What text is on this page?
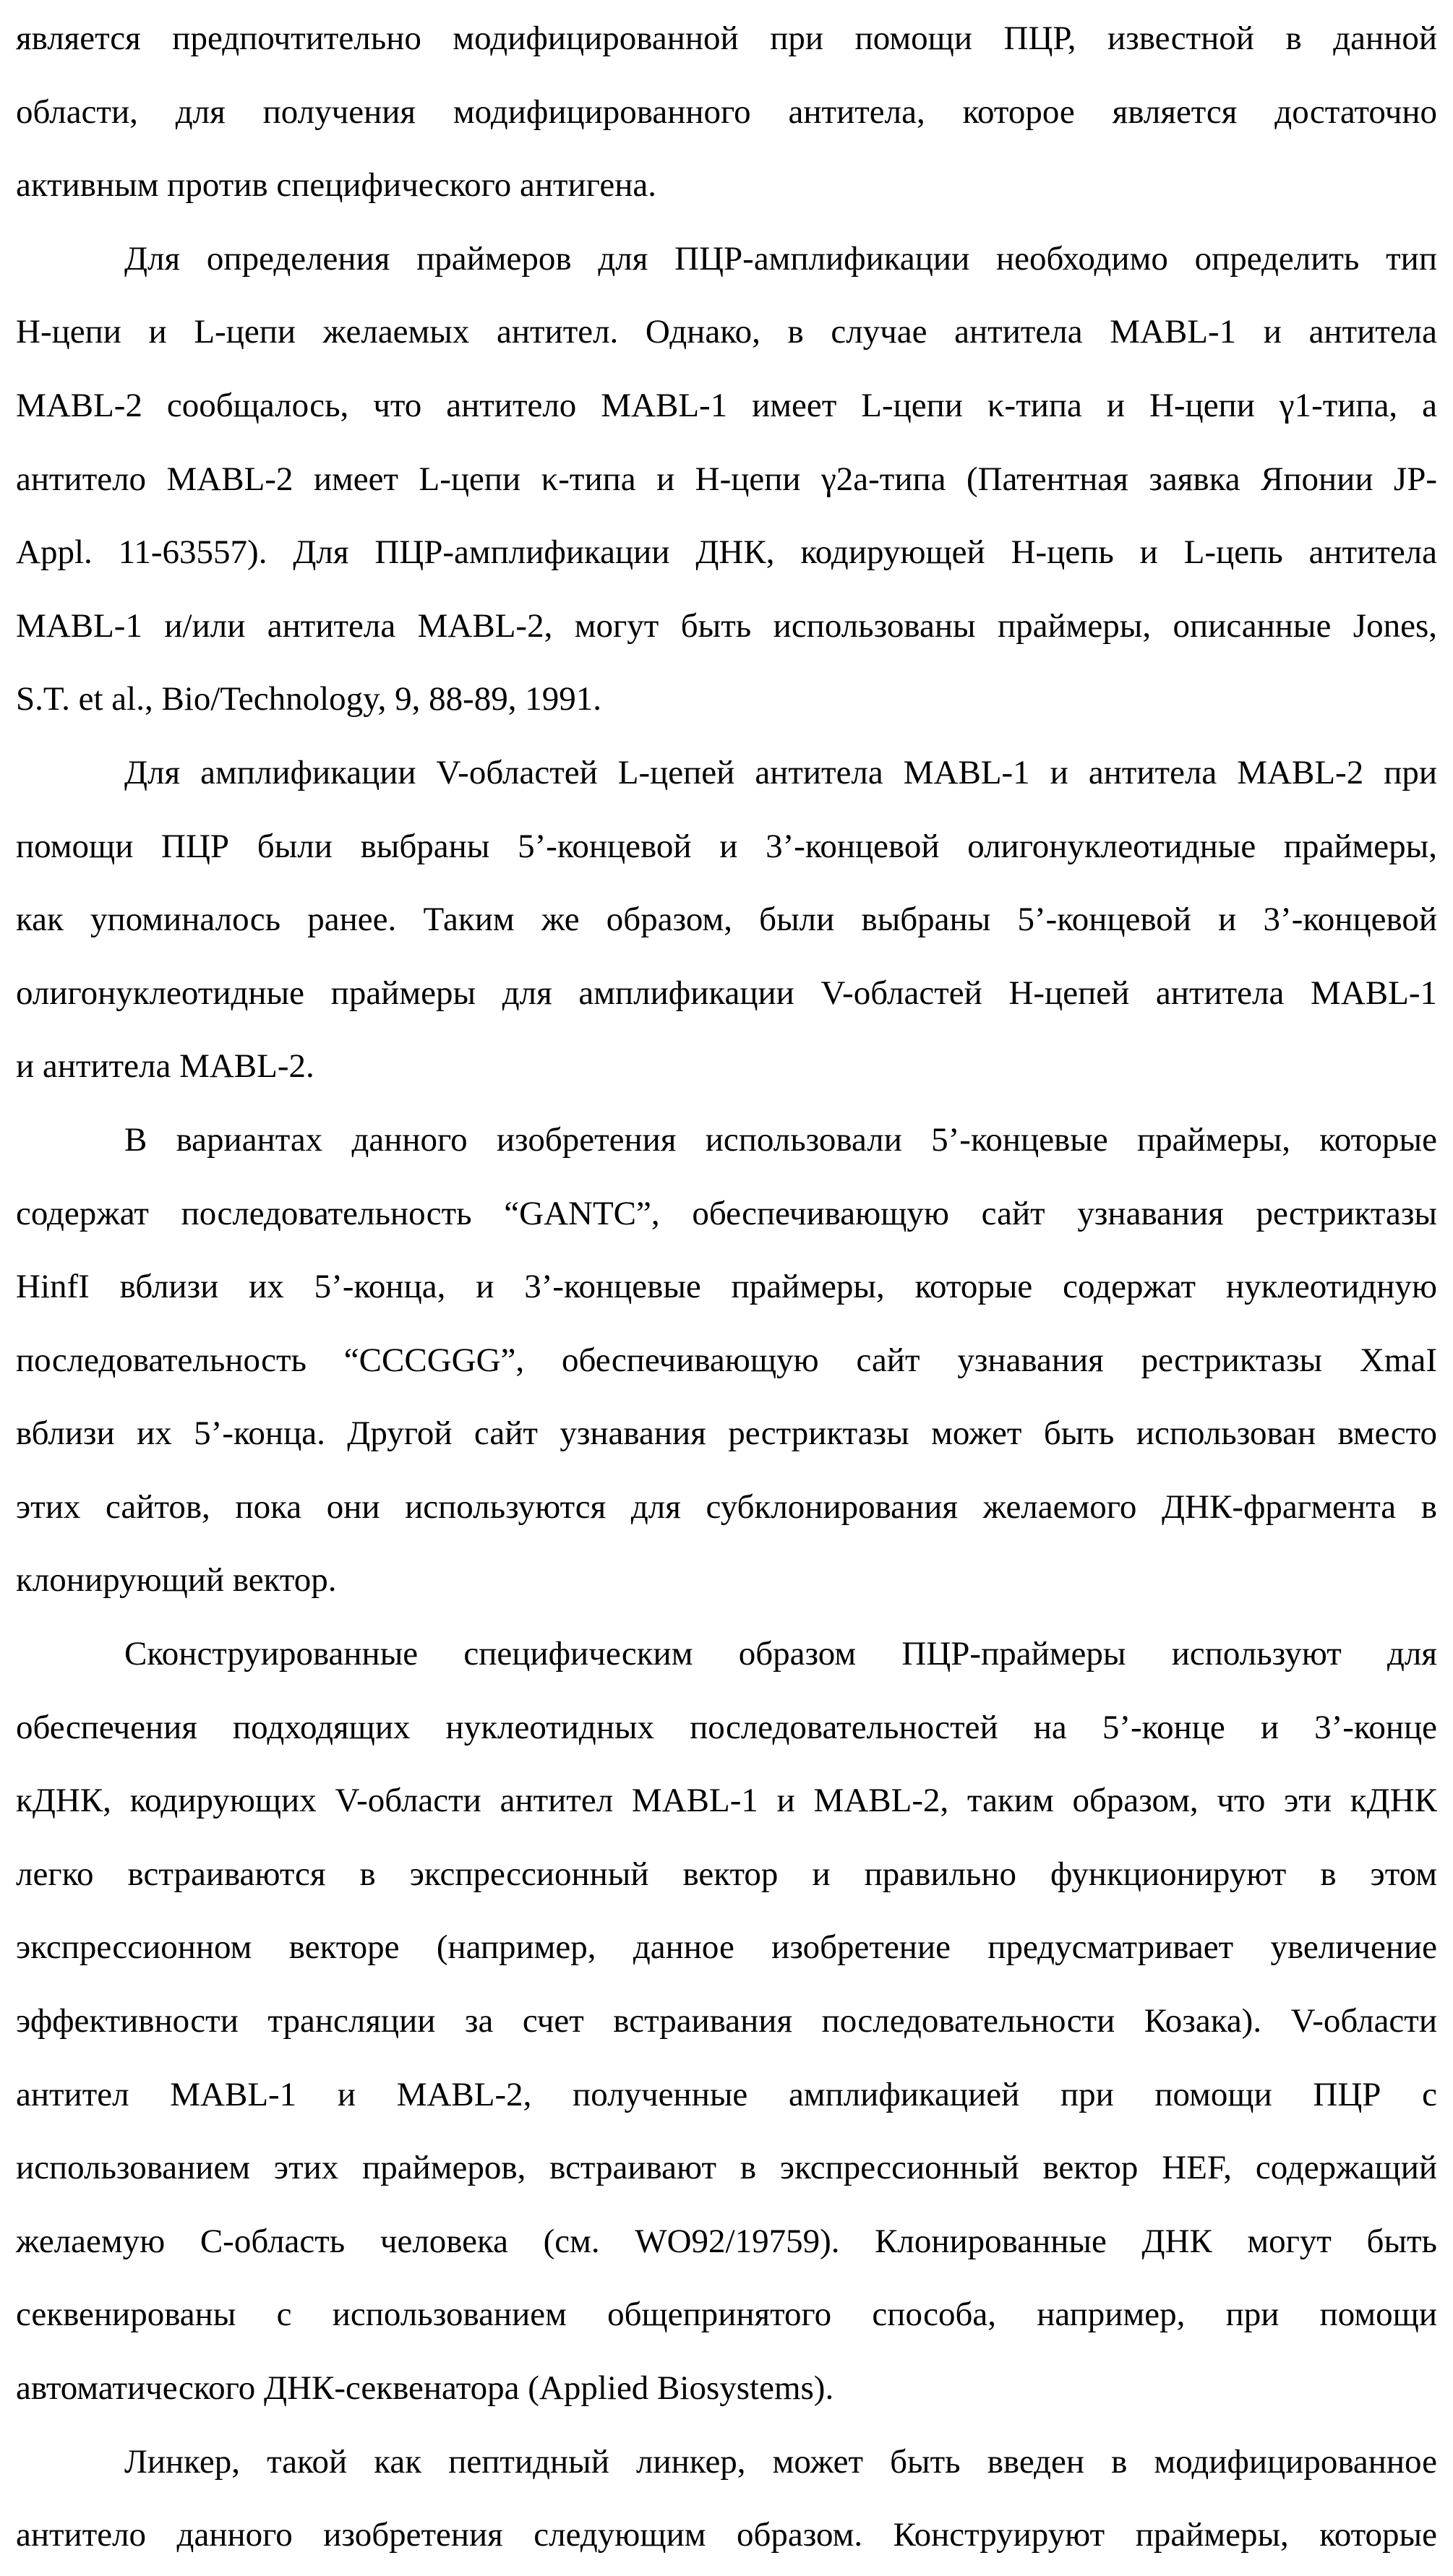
является предпочтительно модифицированной при помощи ПЦР, известной в данной
области, для получения модифицированного антитела, которое является достаточно
активным против специфического антигена.
Для определения праймеров для ПЦР-амплификации необходимо определить тип
H-цепи и L-цепи желаемых антител. Однако, в случае антитела MABL-1 и антитела
MABL-2 сообщалось, что антитело MABL-1 имеет L-цепи κ-типа и H-цепи γ1-типа, а
антитело MABL-2 имеет L-цепи κ-типа и H-цепи γ2a-типа (Патентная заявка Японии JP-
Appl. 11-63557). Для ПЦР-амплификации ДНК, кодирующей H-цепь и L-цепь антитела
MABL-1 и/или антитела MABL-2, могут быть использованы праймеры, описанные Jones,
S.T. et al., Bio/Technology, 9, 88-89, 1991.
Для амплификации V-областей L-цепей антитела MABL-1 и антитела MABL-2 при
помощи ПЦР были выбраны 5’-концевой и 3’-концевой олигонуклеотидные праймеры,
как упоминалось ранее. Таким же образом, были выбраны 5’-концевой и 3’-концевой
олигонуклеотидные праймеры для амплификации V-областей H-цепей антитела MABL-1
и антитела MABL-2.
В вариантах данного изобретения использовали 5’-концевые праймеры, которые
содержат последовательность “GANTC”, обеспечивающую сайт узнавания рестриктазы
HinfI вблизи их 5’-конца, и 3’-концевые праймеры, которые содержат нуклеотидную
последовательность “CCCGGG”, обеспечивающую сайт узнавания рестриктазы XmaI
вблизи их 5’-конца. Другой сайт узнавания рестриктазы может быть использован вместо
этих сайтов, пока они используются для субклонирования желаемого ДНК-фрагмента в
клонирующий вектор.
Сконструированные специфическим образом ПЦР-праймеры используют для
обеспечения подходящих нуклеотидных последовательностей на 5’-конце и 3’-конце
кДНК, кодирующих V-области антител MABL-1 и MABL-2, таким образом, что эти кДНК
легко встраиваются в экспрессионный вектор и правильно функционируют в этом
экспрессионном векторе (например, данное изобретение предусматривает увеличение
эффективности трансляции за счет встраивания последовательности Козака). V-области
антител MABL-1 и MABL-2, полученные амплификацией при помощи ПЦР с
использованием этих праймеров, встраивают в экспрессионный вектор HEF, содержащий
желаемую C-область человека (см. WO92/19759). Клонированные ДНК могут быть
секвенированы с использованием общепринятого способа, например, при помощи
автоматического ДНК-секвенатора (Applied Biosystems).
Линкер, такой как пептидный линкер, может быть введен в модифицированное
антитело данного изобретения следующим образом. Конструируют праймеры, которые
